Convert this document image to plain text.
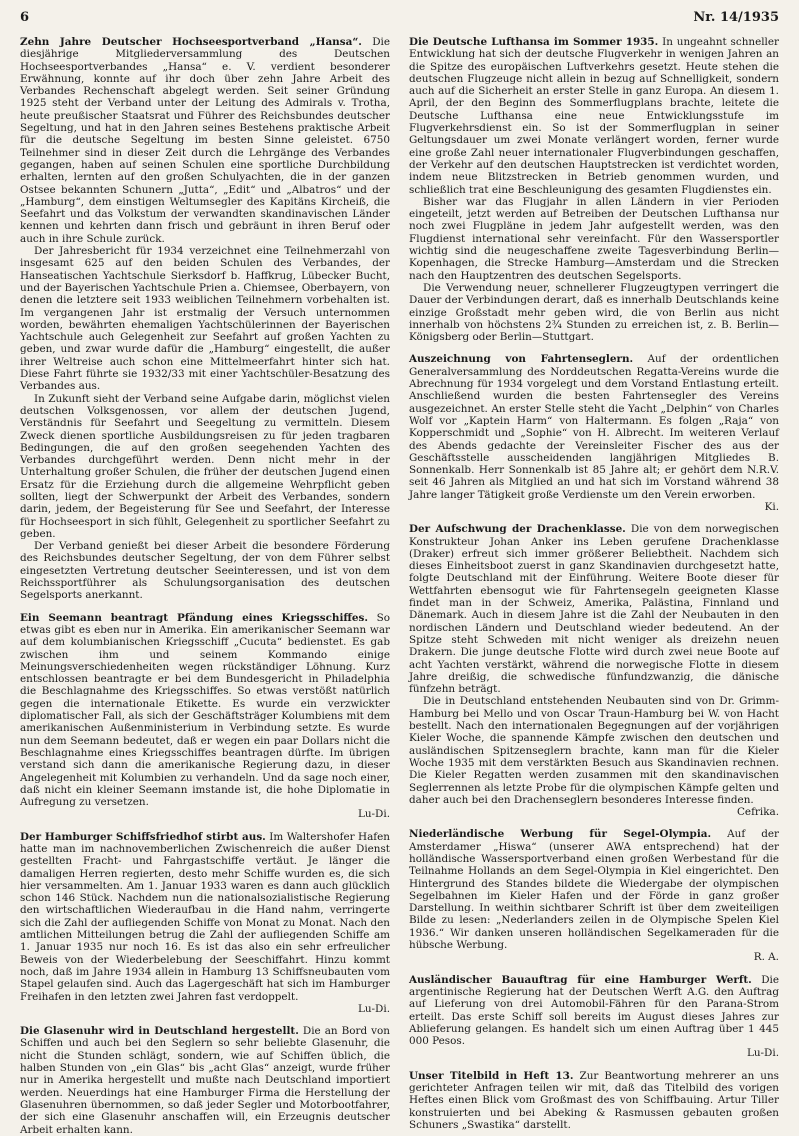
6	Nr. 14/1935

Zehn Jahre Deutscher Hochseesportverband „Hansa“. Die diesjährige Mitgliederversammlung des Deutschen Hochseesportverbandes „Hansa“ e. V. verdient besonderer Erwähnung, konnte auf ihr doch über zehn Jahre Arbeit des Verbandes Rechenschaft abgelegt werden. Seit seiner Gründung 1925 steht der Verband unter der Leitung des Admirals v. Trotha, heute preußischer Staatsrat und Führer des Reichsbundes deutscher Segeltung, und hat in den Jahren seines Bestehens praktische Arbeit für die deutsche Segeltung im besten Sinne geleistet. 6750 Teilnehmer sind in dieser Zeit durch die Lehrgänge des Verbandes gegangen, haben auf seinen Schulen eine sportliche Durchbildung erhalten, lernten auf den großen Schulyachten, die in der ganzen Ostsee bekannten Schunern „Jutta“, „Edit“ und „Albatros“ und der „Hamburg“, dem einstigen Weltumsegler des Kapitäns Kircheiß, die Seefahrt und das Volkstum der verwandten skandinavischen Länder kennen und kehrten dann frisch und gebräunt in ihren Beruf oder auch in ihre Schule zurück.

Der Jahresbericht für 1934 verzeichnet eine Teilnehmerzahl von insgesamt 625 auf den beiden Schulen des Verbandes, der Hanseatischen Yachtschule Sierksdorf b. Haffkrug, Lübecker Bucht, und der Bayerischen Yachtschule Prien a. Chiemsee, Oberbayern, von denen die letztere seit 1933 weiblichen Teilnehmern vorbehalten ist. Im vergangenen Jahr ist erstmalig der Versuch unternommen worden, bewährten ehemaligen Yachtschülerinnen der Bayerischen Yachtschule auch Gelegenheit zur Seefahrt auf großen Yachten zu geben, und zwar wurde dafür die „Hamburg“ eingestellt, die außer ihrer Weltreise auch schon eine Mittelmeerfahrt hinter sich hat. Diese Fahrt führte sie 1932/33 mit einer Yachtschüler-Besatzung des Verbandes aus.

In Zukunft sieht der Verband seine Aufgabe darin, möglichst vielen deutschen Volksgenossen, vor allem der deutschen Jugend, Verständnis für Seefahrt und Seegeltung zu vermitteln. Diesem Zweck dienen sportliche Ausbildungsreisen zu für jeden tragbaren Bedingungen, die auf den großen seegehenden Yachten des Verbandes durchgeführt werden. Denn nicht mehr in der Unterhaltung großer Schulen, die früher der deutschen Jugend einen Ersatz für die Erziehung durch die allgemeine Wehrpflicht geben sollten, liegt der Schwerpunkt der Arbeit des Verbandes, sondern darin, jedem, der Begeisterung für See und Seefahrt, der Interesse für Hochseesport in sich fühlt, Gelegenheit zu sportlicher Seefahrt zu geben.

Der Verband genießt bei dieser Arbeit die besondere Förderung des Reichsbundes deutscher Segeltung, der von dem Führer selbst eingesetzten Vertretung deutscher Seeinteressen, und ist von dem Reichssportführer als Schulungsorganisation des deutschen Segelsports anerkannt.

Ein Seemann beantragt Pfändung eines Kriegsschiffes. So etwas gibt es eben nur in Amerika. Ein amerikanischer Seemann war auf dem kolumbianischen Kriegsschiff „Cucuta“ bedienstet. Es gab zwischen ihm und seinem Kommando einige Meinungsverschiedenheiten wegen rückständiger Löhnung. Kurz entschlossen beantragte er bei dem Bundesgericht in Philadelphia die Beschlagnahme des Kriegsschiffes. So etwas verstößt natürlich gegen die internationale Etikette. Es wurde ein verzwickter diplomatischer Fall, als sich der Geschäftsträger Kolumbiens mit dem amerikanischen Außenministerium in Verbindung setzte. Es wurde nun dem Seemann bedeutet, daß er wegen ein paar Dollars nicht die Beschlagnahme eines Kriegsschiffes beantragen dürfte. Im übrigen verstand sich dann die amerikanische Regierung dazu, in dieser Angelegenheit mit Kolumbien zu verhandeln. Und da sage noch einer, daß nicht ein kleiner Seemann imstande ist, die hohe Diplomatie in Aufregung zu versetzen.

Lu-Di.

Der Hamburger Schiffsfriedhof stirbt aus. Im Waltershofer Hafen hatte man im nachnovemberlichen Zwischenreich die außer Dienst gestellten Fracht- und Fahrgastschiffe vertäut. Je länger die damaligen Herren regierten, desto mehr Schiffe wurden es, die sich hier versammelten. Am 1. Januar 1933 waren es dann auch glücklich schon 146 Stück. Nachdem nun die nationalsozialistische Regierung den wirtschaftlichen Wiederaufbau in die Hand nahm, verringerte sich die Zahl der aufliegenden Schiffe von Monat zu Monat. Nach den amtlichen Mitteilungen betrug die Zahl der aufliegenden Schiffe am 1. Januar 1935 nur noch 16. Es ist das also ein sehr erfreulicher Beweis von der Wiederbelebung der Seeschiffahrt. Hinzu kommt noch, daß im Jahre 1934 allein in Hamburg 13 Schiffsneubauten vom Stapel gelaufen sind. Auch das Lagergeschäft hat sich im Hamburger Freihafen in den letzten zwei Jahren fast verdoppelt.

Lu-Di.

Die Glasenuhr wird in Deutschland hergestellt. Die an Bord von Schiffen und auch bei den Seglern so sehr beliebte Glasenuhr, die nicht die Stunden schlägt, sondern, wie auf Schiffen üblich, die halben Stunden von „ein Glas“ bis „acht Glas“ anzeigt, wurde früher nur in Amerika hergestellt und mußte nach Deutschland importiert werden. Neuerdings hat eine Hamburger Firma die Herstellung der Glasenuhren übernommen, so daß jeder Segler und Motorbootfahrer, der sich eine Glasenuhr anschaffen will, ein Erzeugnis deutscher Arbeit erhalten kann.

Die Deutsche Lufthansa im Sommer 1935. In ungeahnt schneller Entwicklung hat sich der deutsche Flugverkehr in wenigen Jahren an die Spitze des europäischen Luftverkehrs gesetzt. Heute stehen die deutschen Flugzeuge nicht allein in bezug auf Schnelligkeit, sondern auch auf die Sicherheit an erster Stelle in ganz Europa. An diesem 1. April, der den Beginn des Sommerflugplans brachte, leitete die Deutsche Lufthansa eine neue Entwicklungsstufe im Flugverkehrsdienst ein. So ist der Sommerflugplan in seiner Geltungsdauer um zwei Monate verlängert worden, ferner wurde eine große Zahl neuer internationaler Flugverbindungen geschaffen, der Verkehr auf den deutschen Hauptstrecken ist verdichtet worden, indem neue Blitzstrecken in Betrieb genommen wurden, und schließlich trat eine Beschleunigung des gesamten Flugdienstes ein.

Bisher war das Flugjahr in allen Ländern in vier Perioden eingeteilt, jetzt werden auf Betreiben der Deutschen Lufthansa nur noch zwei Flugpläne in jedem Jahr aufgestellt werden, was den Flugdienst international sehr vereinfacht. Für den Wassersportler wichtig sind die neugeschaffene zweite Tagesverbindung Berlin—Kopenhagen, die Strecke Hamburg—Amsterdam und die Strecken nach den Hauptzentren des deutschen Segelsports.

Die Verwendung neuer, schnellerer Flugzeugtypen verringert die Dauer der Verbindungen derart, daß es innerhalb Deutschlands keine einzige Großstadt mehr geben wird, die von Berlin aus nicht innerhalb von höchstens 2¾ Stunden zu erreichen ist, z. B. Berlin—Königsberg oder Berlin—Stuttgart.

Auszeichnung von Fahrtenseglern. Auf der ordentlichen Generalversammlung des Norddeutschen Regatta-Vereins wurde die Abrechnung für 1934 vorgelegt und dem Vorstand Entlastung erteilt. Anschließend wurden die besten Fahrtensegler des Vereins ausgezeichnet. An erster Stelle steht die Yacht „Delphin“ von Charles Wolf vor „Kaptein Harm“ von Haltermann. Es folgen „Raja“ von Kopperschmidt und „Sophie“ von H. Albrecht. Im weiteren Verlauf des Abends gedachte der Vereinsleiter Fischer des aus der Geschäftsstelle ausscheidenden langjährigen Mitgliedes B. Sonnenkalb. Herr Sonnenkalb ist 85 Jahre alt; er gehört dem N.R.V. seit 46 Jahren als Mitglied an und hat sich im Vorstand während 38 Jahre langer Tätigkeit große Verdienste um den Verein erworben.

Ki.

Der Aufschwung der Drachenklasse. Die von dem norwegischen Konstrukteur Johan Anker ins Leben gerufene Drachenklasse (Draker) erfreut sich immer größerer Beliebtheit. Nachdem sich dieses Einheitsboot zuerst in ganz Skandinavien durchgesetzt hatte, folgte Deutschland mit der Einführung. Weitere Boote dieser für Wettfahrten ebensogut wie für Fahrtensegeln geeigneten Klasse findet man in der Schweiz, Amerika, Palästina, Finnland und Dänemark. Auch in diesem Jahre ist die Zahl der Neubauten in den nordischen Ländern und Deutschland wieder bedeutend. An der Spitze steht Schweden mit nicht weniger als dreizehn neuen Drakern. Die junge deutsche Flotte wird durch zwei neue Boote auf acht Yachten verstärkt, während die norwegische Flotte in diesem Jahre dreißig, die schwedische fünfundzwanzig, die dänische fünfzehn beträgt.

Die in Deutschland entstehenden Neubauten sind von Dr. Grimm-Hamburg bei Mello und von Oscar Traun-Hamburg bei W. von Hacht bestellt. Nach den internationalen Begegnungen auf der vorjährigen Kieler Woche, die spannende Kämpfe zwischen den deutschen und ausländischen Spitzenseglern brachte, kann man für die Kieler Woche 1935 mit dem verstärkten Besuch aus Skandinavien rechnen. Die Kieler Regatten werden zusammen mit den skandinavischen Seglerrennen als letzte Probe für die olympischen Kämpfe gelten und daher auch bei den Drachenseglern besonderes Interesse finden.

Cefrika.

Niederländische Werbung für Segel-Olympia. Auf der Amsterdamer „Hiswa“ (unserer AWA entsprechend) hat der holländische Wassersportverband einen großen Werbestand für die Teilnahme Hollands an dem Segel-Olympia in Kiel eingerichtet. Den Hintergrund des Standes bildete die Wiedergabe der olympischen Segelbahnen im Kieler Hafen und der Förde in ganz großer Darstellung. In weithin sichtbarer Schrift ist über dem zweiteiligen Bilde zu lesen: „Nederlanders zeilen in de Olympische Spelen Kiel 1936.“ Wir danken unseren holländischen Segelkameraden für die hübsche Werbung.

R. A.

Ausländischer Bauauftrag für eine Hamburger Werft. Die argentinische Regierung hat der Deutschen Werft A.G. den Auftrag auf Lieferung von drei Automobil-Fähren für den Parana-Strom erteilt. Das erste Schiff soll bereits im August dieses Jahres zur Ablieferung gelangen. Es handelt sich um einen Auftrag über 1 445 000 Pesos.

Lu-Di.

Unser Titelbild in Heft 13. Zur Beantwortung mehrerer an uns gerichteter Anfragen teilen wir mit, daß das Titelbild des vorigen Heftes einen Blick vom Großmast des von Schiffbauing. Artur Tiller konstruierten und bei Abeking & Rasmussen gebauten großen Schuners „Swastika“ darstellt.
